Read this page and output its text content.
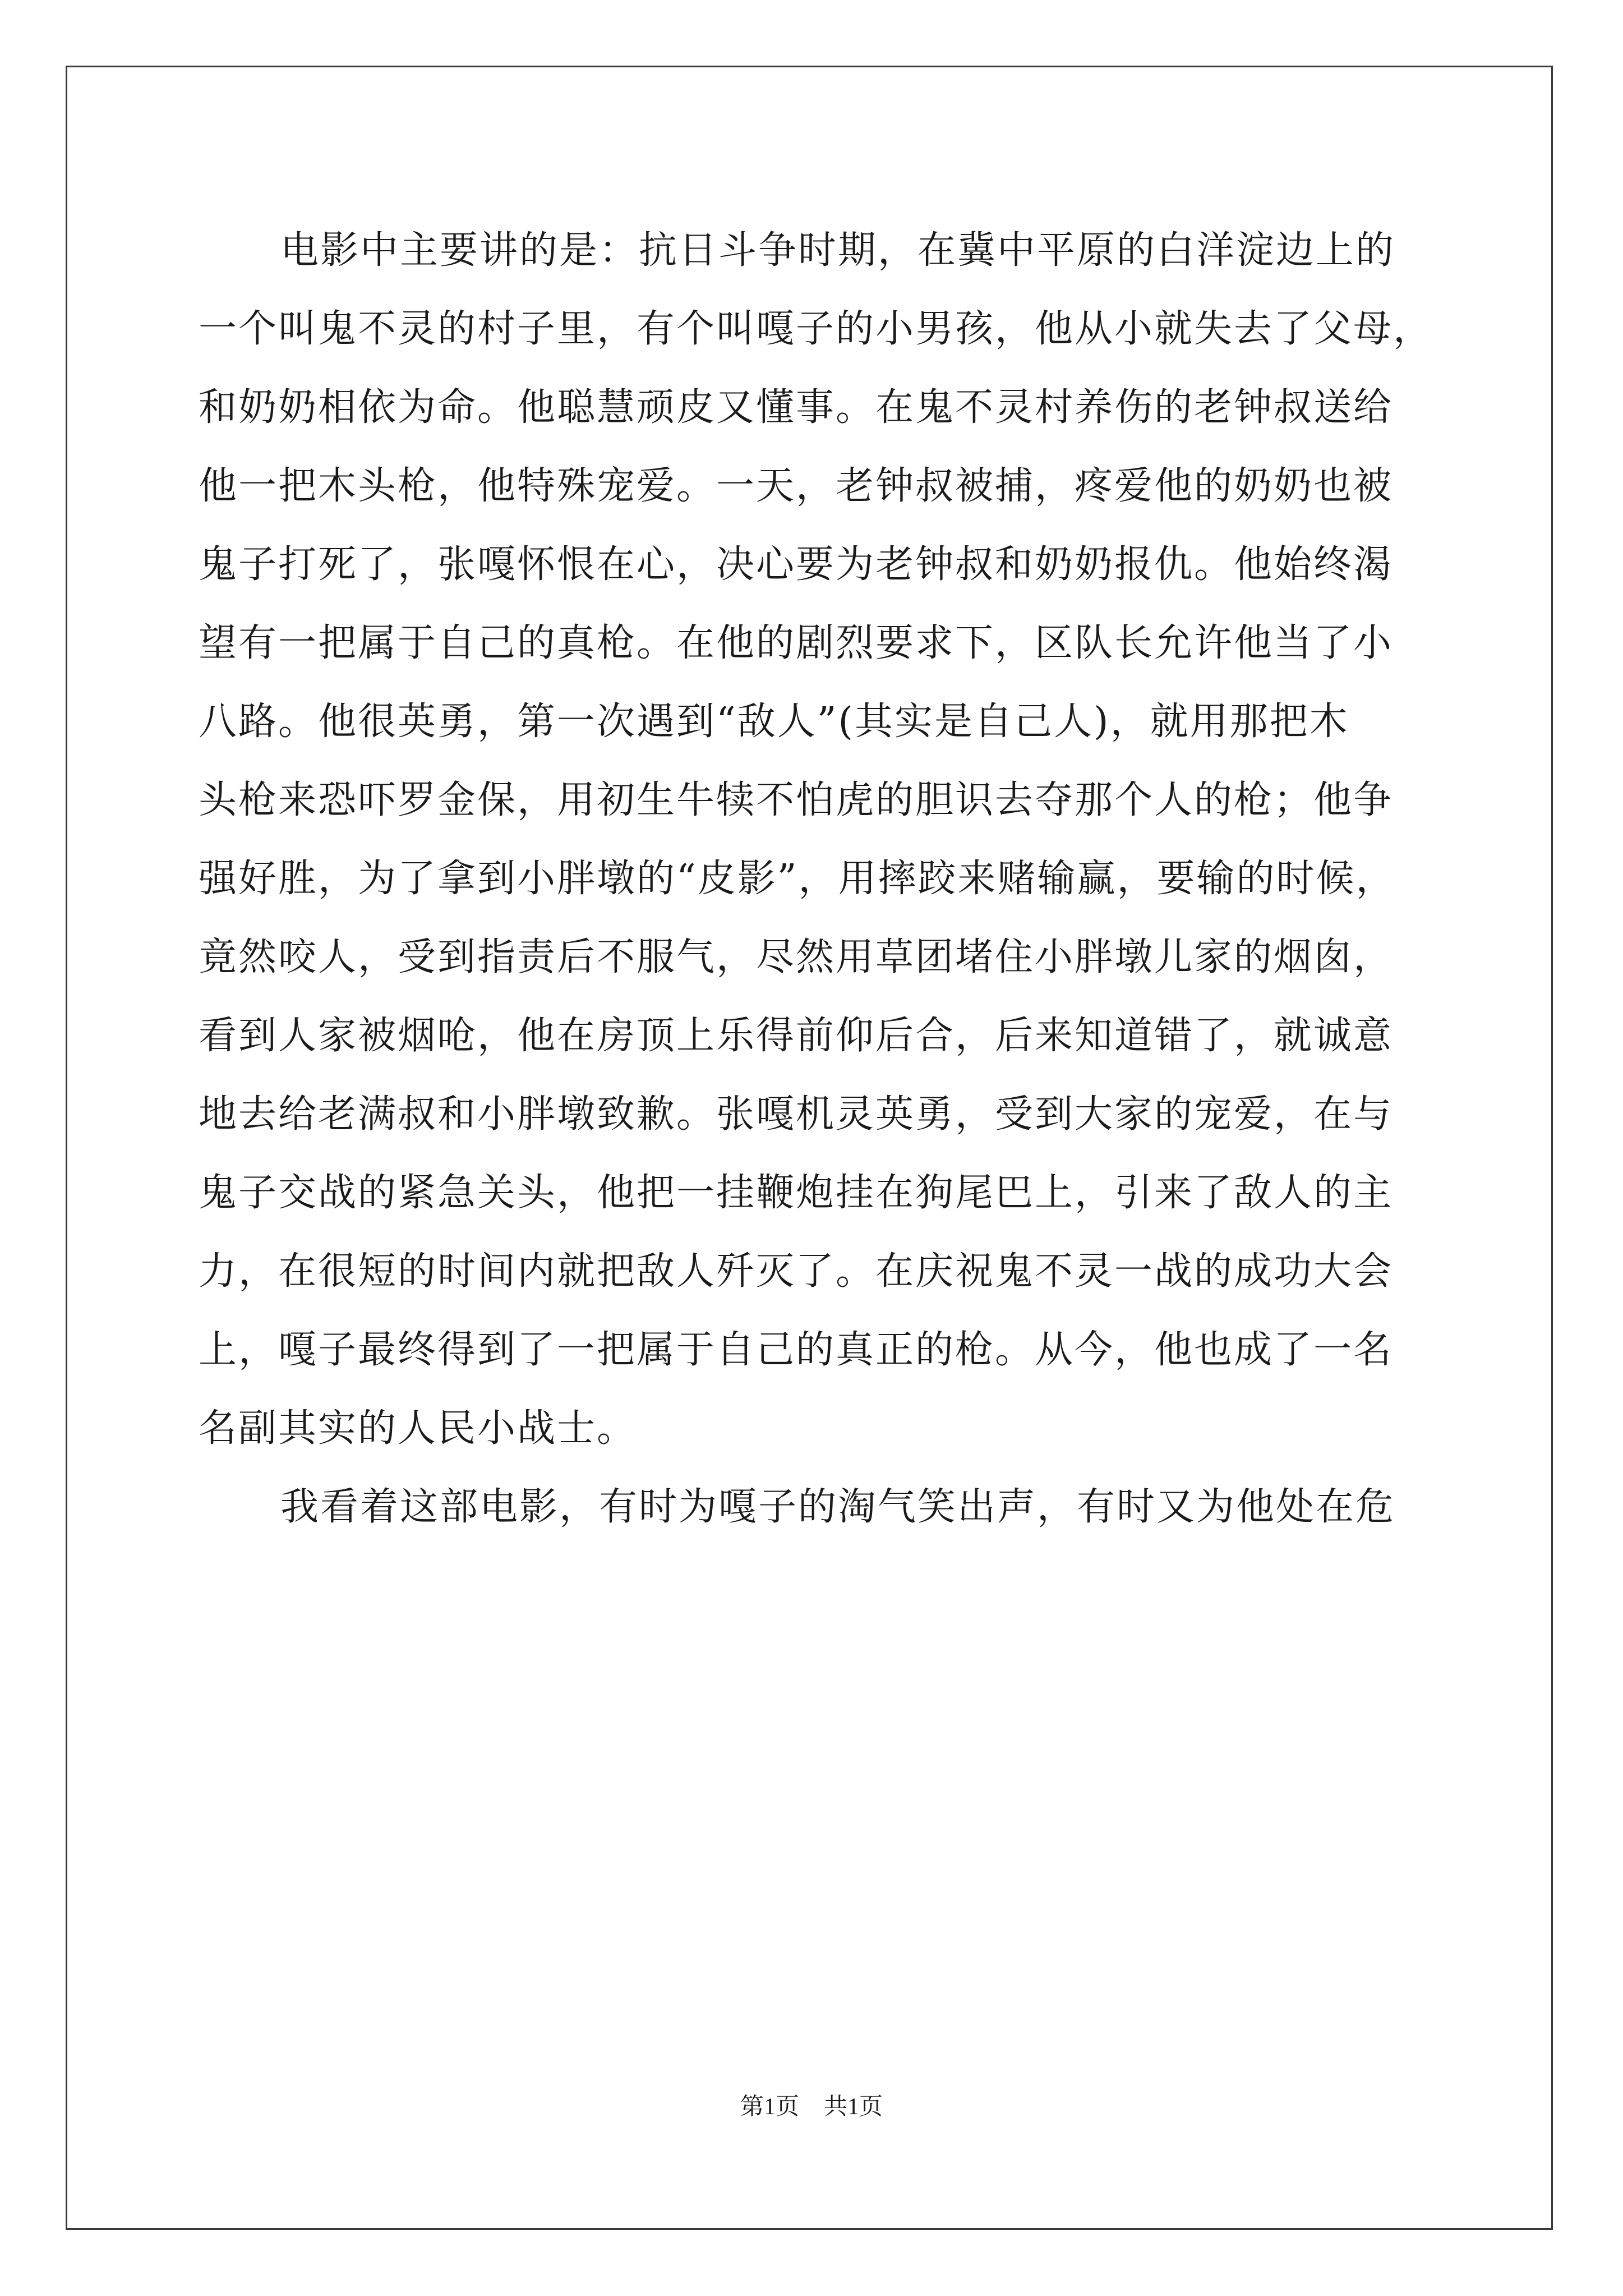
电影中主要讲的是：抗日斗争时期，在冀中平原的白洋淀边上的
一个叫鬼不灵的村子里，有个叫嘎子的小男孩，他从小就失去了父母，
和奶奶相依为命。他聪慧顽皮又懂事。在鬼不灵村养伤的老钟叔送给
他一把木头枪，他特殊宠爱。一天，老钟叔被捕，疼爱他的奶奶也被
鬼子打死了，张嘎怀恨在心，决心要为老钟叔和奶奶报仇。他始终渴
望有一把属于自己的真枪。在他的剧烈要求下，区队长允许他当了小
八路。他很英勇，第一次遇到“敌人”(其实是自己人)，就用那把木
头枪来恐吓罗金保，用初生牛犊不怕虎的胆识去夺那个人的枪；他争
强好胜，为了拿到小胖墩的“皮影”，用摔跤来赌输赢，要输的时候，
竟然咬人，受到指责后不服气，尽然用草团堵住小胖墩儿家的烟囱，
看到人家被烟呛，他在房顶上乐得前仰后合，后来知道错了，就诚意
地去给老满叔和小胖墩致歉。张嘎机灵英勇，受到大家的宠爱，在与
鬼子交战的紧急关头，他把一挂鞭炮挂在狗尾巴上，引来了敌人的主
力，在很短的时间内就把敌人歼灭了。在庆祝鬼不灵一战的成功大会
上，嘎子最终得到了一把属于自己的真正的枪。从今，他也成了一名
名副其实的人民小战士。
我看着这部电影，有时为嘎子的淘气笑出声，有时又为他处在危
第1页 共1页
